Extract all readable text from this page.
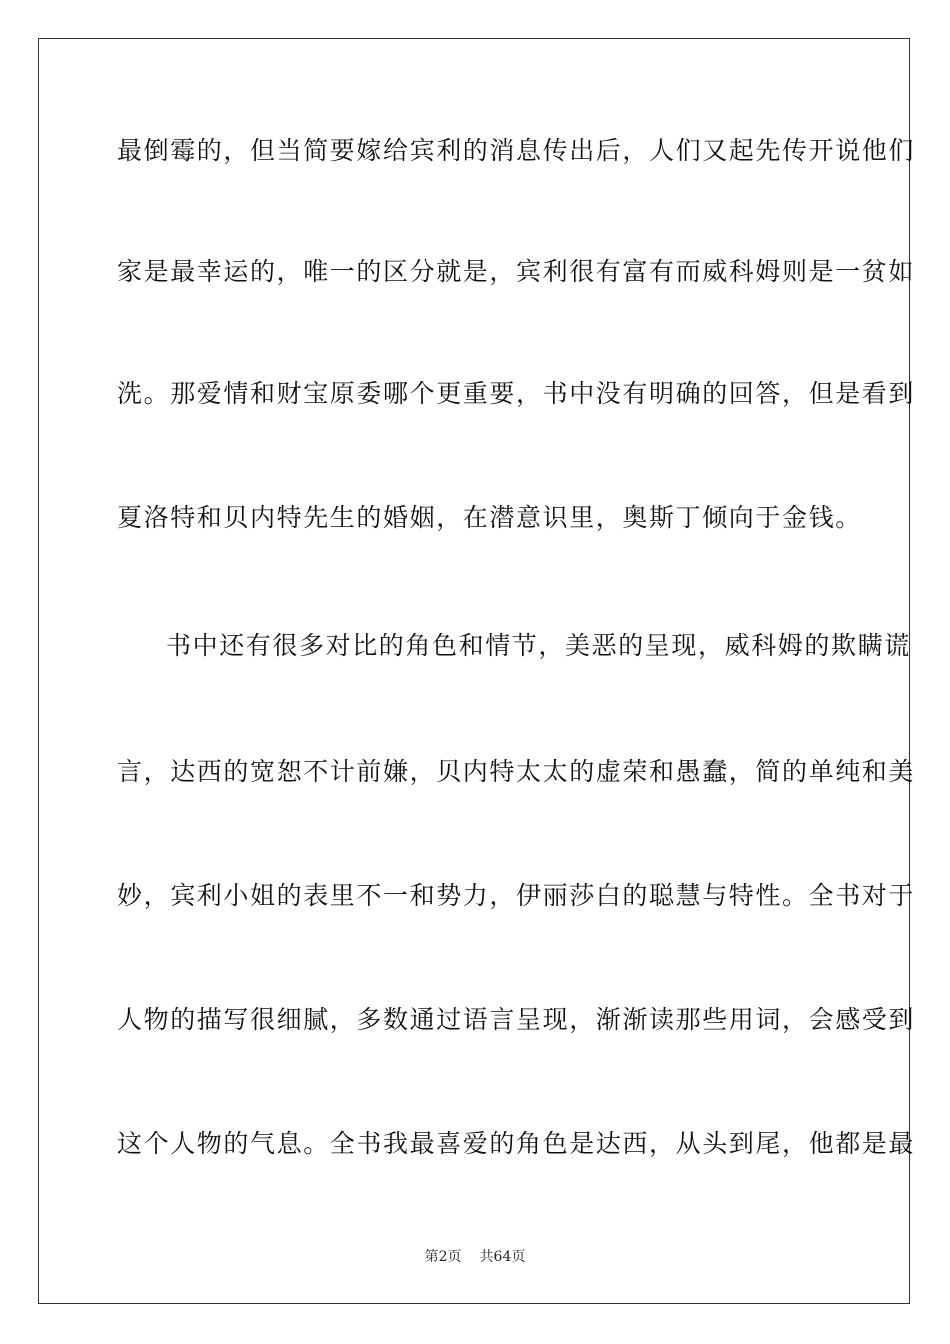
最倒霉的，但当简要嫁给宾利的消息传出后，人们又起先传开说他们
家是最幸运的，唯一的区分就是，宾利很有富有而威科姆则是一贫如
洗。那爱情和财宝原委哪个更重要，书中没有明确的回答，但是看到
夏洛特和贝内特先生的婚姻，在潜意识里，奥斯丁倾向于金钱。
书中还有很多对比的角色和情节，美恶的呈现，威科姆的欺瞒谎
言，达西的宽恕不计前嫌，贝内特太太的虚荣和愚蠢，简的单纯和美
妙，宾利小姐的表里不一和势力，伊丽莎白的聪慧与特性。全书对于
人物的描写很细腻，多数通过语言呈现，渐渐读那些用词，会感受到
这个人物的气息。全书我最喜爱的角色是达西，从头到尾，他都是最
第2页 共64页
